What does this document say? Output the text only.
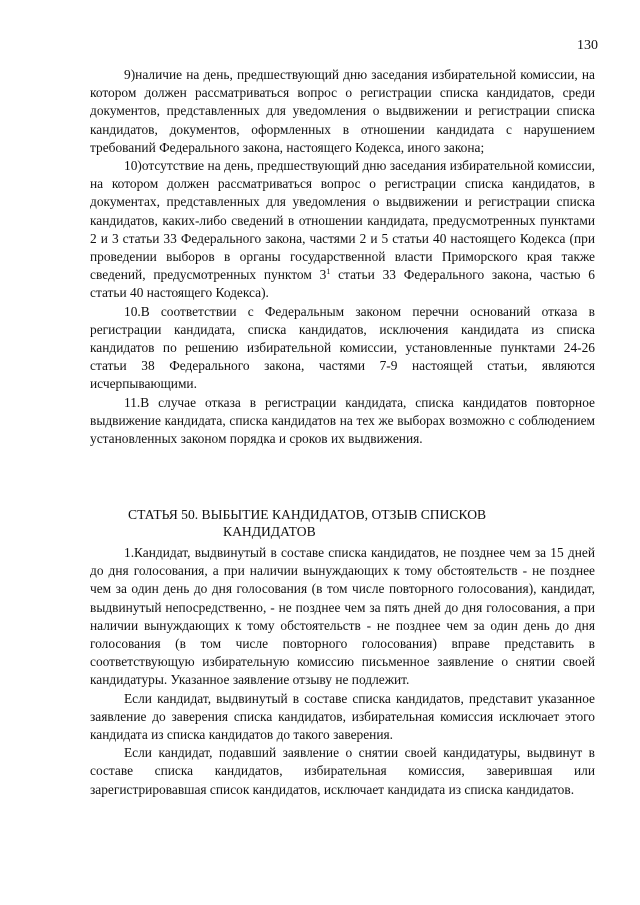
130

9)наличие на день, предшествующий дню заседания избирательной комиссии, на котором должен рассматриваться вопрос о регистрации списка кандидатов, среди документов, представленных для уведомления о выдвижении и регистрации списка кандидатов, документов, оформленных в отношении кандидата с нарушением требований Федерального закона, настоящего Кодекса, иного закона;

10)отсутствие на день, предшествующий дню заседания избирательной комиссии, на котором должен рассматриваться вопрос о регистрации списка кандидатов, в документах, представленных для уведомления о выдвижении и регистрации списка кандидатов, каких-либо сведений в отношении кандидата, предусмотренных пунктами 2 и 3 статьи 33 Федерального закона, частями 2 и 5 статьи 40 настоящего Кодекса (при проведении выборов в органы государственной власти Приморского края также сведений, предусмотренных пунктом $3^1$ статьи 33 Федерального закона, частью 6 статьи 40 настоящего Кодекса).

10.В соответствии с Федеральным законом перечни оснований отказа в регистрации кандидата, списка кандидатов, исключения кандидата из списка кандидатов по решению избирательной комиссии, установленные пунктами 24-26 статьи 38 Федерального закона, частями 7-9 настоящей статьи, являются исчерпывающими.

11.В случае отказа в регистрации кандидата, списка кандидатов повторное выдвижение кандидата, списка кандидатов на тех же выборах возможно с соблюдением установленных законом порядка и сроков их выдвижения.

СТАТЬЯ 50. ВЫБЫТИЕ КАНДИДАТОВ, ОТЗЫВ СПИСКОВ
КАНДИДАТОВ

1.Кандидат, выдвинутый в составе списка кандидатов, не позднее чем за 15 дней до дня голосования, а при наличии вынуждающих к тому обстоятельств - не позднее чем за один день до дня голосования (в том числе повторного голосования), кандидат, выдвинутый непосредственно, - не позднее чем за пять дней до дня голосования, а при наличии вынуждающих к тому обстоятельств - не позднее чем за один день до дня голосования (в том числе повторного голосования) вправе представить в соответствующую избирательную комиссию письменное заявление о снятии своей кандидатуры. Указанное заявление отзыву не подлежит.

Если кандидат, выдвинутый в составе списка кандидатов, представит указанное заявление до заверения списка кандидатов, избирательная комиссия исключает этого кандидата из списка кандидатов до такого заверения.

Если кандидат, подавший заявление о снятии своей кандидатуры, выдвинут в составе списка кандидатов, избирательная комиссия, заверившая или зарегистрировавшая список кандидатов, исключает кандидата из списка кандидатов.
